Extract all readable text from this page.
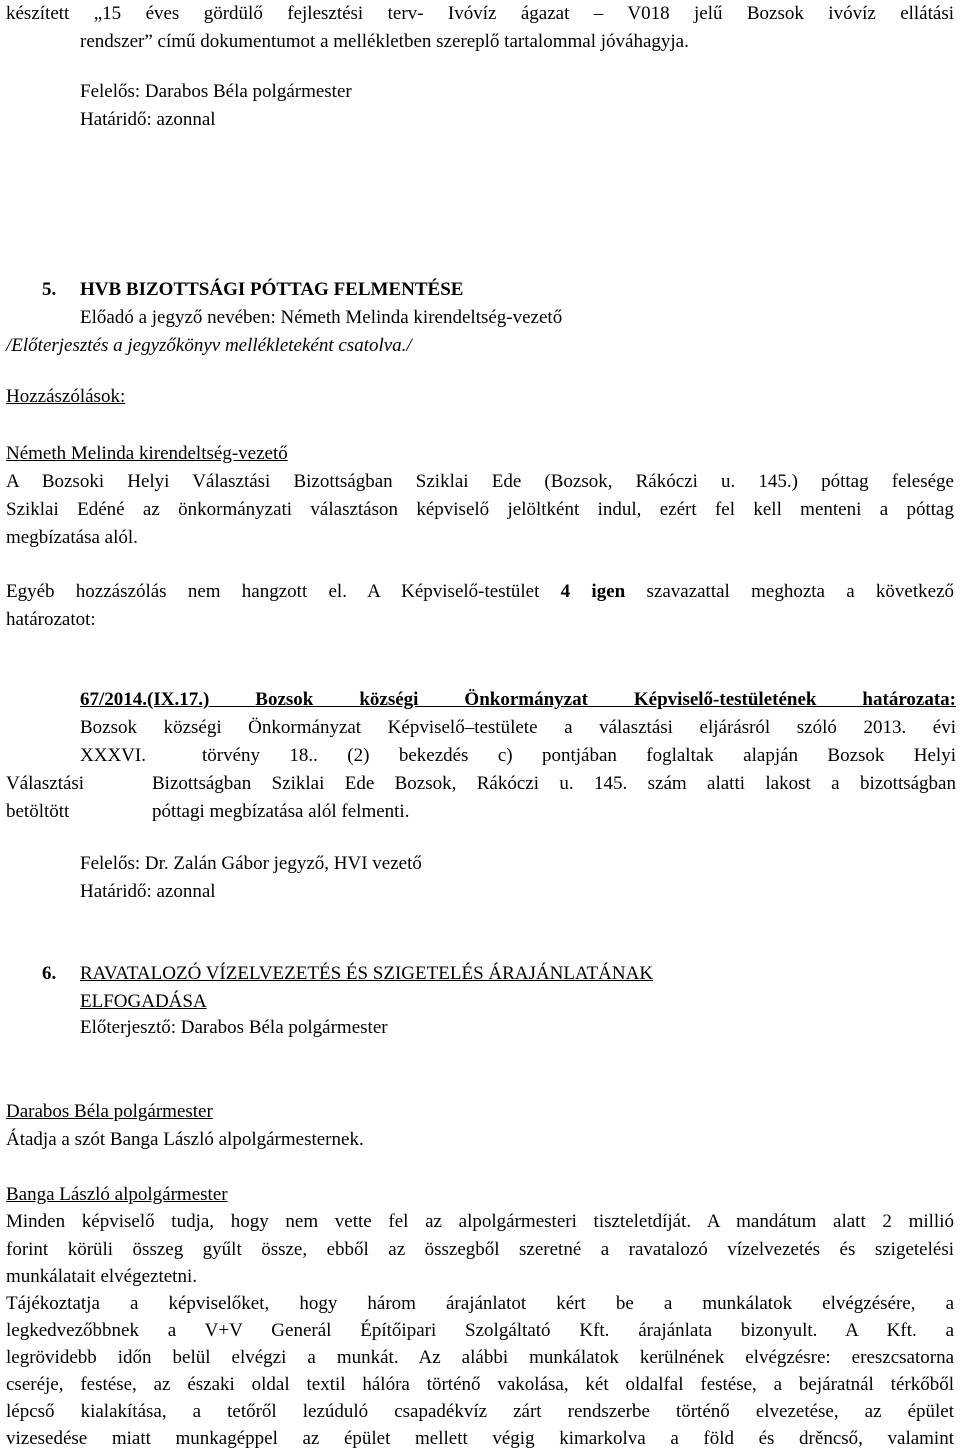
készített „15 éves gördülő fejlesztési terv- Ivóvíz ágazat – V018 jelű Bozsok ivóvíz ellátási

rendszer” című dokumentumot a mellékletben szereplő tartalommal jóváhagyja.

Felelős: Darabos Béla polgármester

Határidő: azonnal

5. HVB BIZOTTSÁGI PÓTTAG FELMENTÉSE

Előadó a jegyző nevében: Németh Melinda kirendeltség-vezető

/Előterjesztés a jegyzőkönyv mellékleteként csatolva./

Hozzászólások:

Németh Melinda kirendeltség-vezető

A Bozsoki Helyi Választási Bizottságban Sziklai Ede (Bozsok, Rákóczi u. 145.) póttag felesége

Sziklai Edéné az önkormányzati választáson képviselő jelöltként indul, ezért fel kell menteni a póttag

megbízatása alól.

Egyéb hozzászólás nem hangzott el. A Képviselő-testület 4 igen szavazattal meghozta a következő

határozatot:

67/2014.(IX.17.) Bozsok községi Önkormányzat Képviselő-testületének határozata:

Bozsok községi Önkormányzat Képviselő–testülete a választási eljárásról szóló 2013. évi

XXXVI.	törvény 18.. (2) bekezdés c) pontjában foglaltak alapján Bozsok Helyi

Választási	Bizottságban Sziklai Ede Bozsok, Rákóczi u. 145. szám alatti lakost a bizottságban

betöltött	póttagi megbízatása alól felmenti.

Felelős: Dr. Zalán Gábor jegyző, HVI vezető

Határidő: azonnal

6. RAVATALOZÓ VÍZELVEZETÉS ÉS SZIGETELÉS ÁRAJÁNLATÁNAK

ELFOGADÁSA

Előterjesztő: Darabos Béla polgármester

Darabos Béla polgármester

Átadja a szót Banga László alpolgármesternek.

Banga László alpolgármester

Minden képviselő tudja, hogy nem vette fel az alpolgármesteri tiszteletdíját. A mandátum alatt 2 millió

forint körüli összeg gyűlt össze, ebből az összegből szeretné a ravatalozó vízelvezetés és szigetelési

munkálatait elvégeztetni.

Tájékoztatja a képviselőket, hogy három árajánlatot kért be a munkálatok elvégzésére, a

legkedvezőbbnek a V+V Generál Építőipari Szolgáltató Kft. árajánlata bizonyult. A Kft. a

legrövidebb időn belül elvégzi a munkát. Az alábbi munkálatok kerülnének elvégzésre: ereszcsatorna

cseréje, festése, az északi oldal textil hálóra történő vakolása, két oldalfal festése, a bejáratnál térkőből

lépcső kialakítása, a tetőről lezúduló csapadékvíz zárt rendszerbe történő elvezetése, az épület

vizesedése miatt munkagéppel az épület mellett végig kimarkolva a föld és drěncső, valamint
